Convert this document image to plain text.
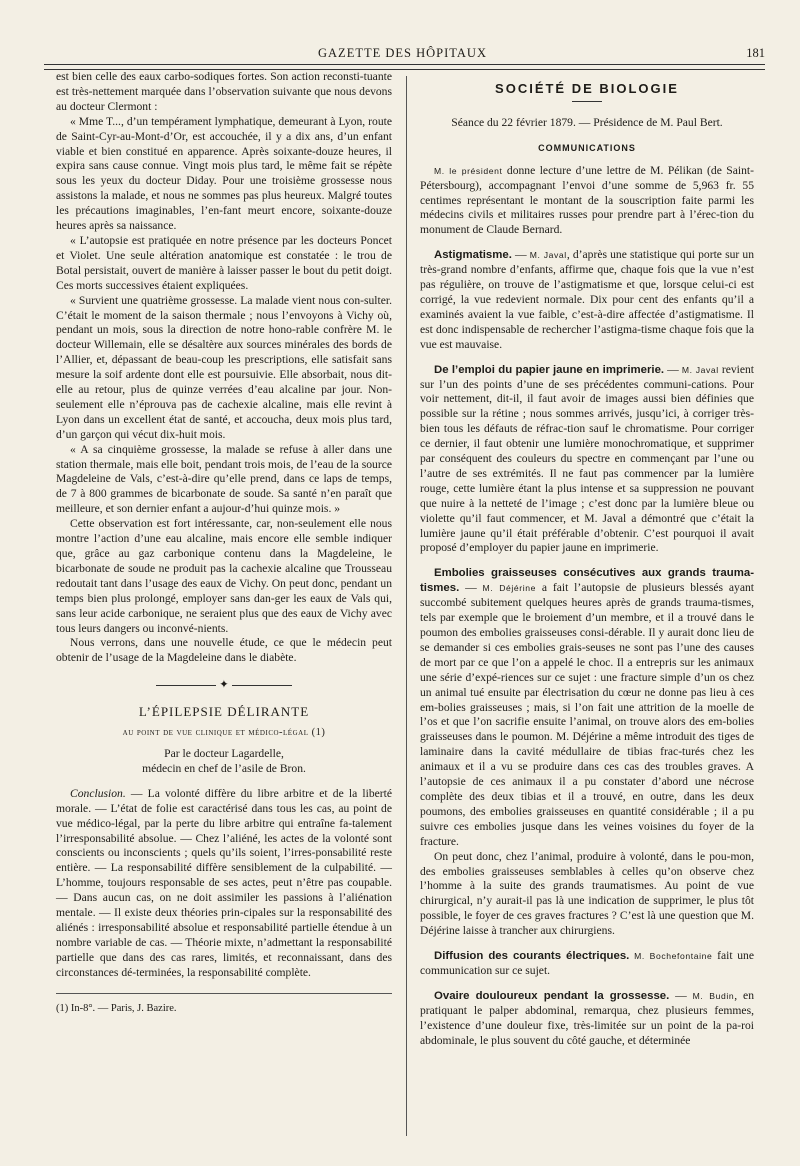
GAZETTE DES HÔPITAUX	181

est bien celle des eaux carbo-sodiques fortes. Son action reconsti-tuante est très-nettement marquée dans l’observation suivante que nous devons au docteur Clermont :

« Mme T..., d’un tempérament lymphatique, demeurant à Lyon, route de Saint-Cyr-au-Mont-d’Or, est accouchée, il y a dix ans, d’un enfant viable et bien constitué en apparence. Après soixante-douze heures, il expira sans cause connue. Vingt mois plus tard, le même fait se répète sous les yeux du docteur Diday. Pour une troisième grossesse nous assistons la malade, et nous ne sommes pas plus heureux. Malgré toutes les précautions imaginables, l’en-fant meurt encore, soixante-douze heures après sa naissance.

« L’autopsie est pratiquée en notre présence par les docteurs Poncet et Violet. Une seule altération anatomique est constatée : le trou de Botal persistait, ouvert de manière à laisser passer le bout du petit doigt. Ces morts successives étaient expliquées.

« Survient une quatrième grossesse. La malade vient nous con-sulter. C’était le moment de la saison thermale ; nous l’envoyons à Vichy où, pendant un mois, sous la direction de notre hono-rable confrère M. le docteur Willemain, elle se désaltère aux sources minérales des bords de l’Allier, et, dépassant de beau-coup les prescriptions, elle satisfait sans mesure la soif ardente dont elle est poursuivie. Elle absorbait, nous dit-elle au retour, plus de quinze verrées d’eau alcaline par jour. Non-seulement elle n’éprouva pas de cachexie alcaline, mais elle revint à Lyon dans un excellent état de santé, et accoucha, deux mois plus tard, d’un garçon qui vécut dix-huit mois.

« A sa cinquième grossesse, la malade se refuse à aller dans une station thermale, mais elle boit, pendant trois mois, de l’eau de la source Magdeleine de Vals, c’est-à-dire qu’elle prend, dans ce laps de temps, de 7 à 800 grammes de bicarbonate de soude. Sa santé n’en paraît que meilleure, et son dernier enfant a aujour-d’hui quinze mois. »

Cette observation est fort intéressante, car, non-seulement elle nous montre l’action d’une eau alcaline, mais encore elle semble indiquer que, grâce au gaz carbonique contenu dans la Magdeleine, le bicarbonate de soude ne produit pas la cachexie alcaline que Trousseau redoutait tant dans l’usage des eaux de Vichy. On peut donc, pendant un temps bien plus prolongé, employer sans dan-ger les eaux de Vals qui, sans leur acide carbonique, ne seraient plus que des eaux de Vichy avec tous leurs dangers ou inconvé-nients.

Nous verrons, dans une nouvelle étude, ce que le médecin peut obtenir de l’usage de la Magdeleine dans le diabète.

✦
L’ÉPILEPSIE DÉLIRANTE

au point de vue clinique et médico-légal (1)

Par le docteur Lagardelle,

médecin en chef de l’asile de Bron.

Conclusion. — La volonté diffère du libre arbitre et de la liberté morale. — L’état de folie est caractérisé dans tous les cas, au point de vue médico-légal, par la perte du libre arbitre qui entraîne fa-talement l’irresponsabilité absolue. — Chez l’aliéné, les actes de la volonté sont conscients ou inconscients ; quels qu’ils soient, l’irres-ponsabilité reste entière. — La responsabilité diffère sensiblement de la culpabilité. — L’homme, toujours responsable de ses actes, peut n’être pas coupable. — Dans aucun cas, on ne doit assimiler les passions à l’aliénation mentale. — Il existe deux théories prin-cipales sur la responsabilité des aliénés : irresponsabilité absolue et responsabilité partielle étendue à un nombre variable de cas. — Théorie mixte, n’admettant la responsabilité partielle que dans des cas rares, limités, et reconnaissant, dans des circonstances dé-terminées, la responsabilité complète.

(1) In-8°. — Paris, J. Bazire.

SOCIÉTÉ DE BIOLOGIE

Séance du 22 février 1879. — Présidence de M. Paul Bert.

COMMUNICATIONS

M. le président donne lecture d’une lettre de M. Pélikan (de Saint-Pétersbourg), accompagnant l’envoi d’une somme de 5,963 fr. 55 centimes représentant le montant de la souscription faite parmi les médecins civils et militaires russes pour prendre part à l’érec-tion du monument de Claude Bernard.

Astigmatisme. — M. Javal, d’après une statistique qui porte sur un très-grand nombre d’enfants, affirme que, chaque fois que la vue n’est pas régulière, on trouve de l’astigmatisme et que, lorsque celui-ci est corrigé, la vue redevient normale. Dix pour cent des enfants qu’il a examinés avaient la vue faible, c’est-à-dire affectée d’astigmatisme. Il est donc indispensable de rechercher l’astigma-tisme chaque fois que la vue est mauvaise.

De l’emploi du papier jaune en imprimerie. — M. Javal revient sur l’un des points d’une de ses précédentes communi-cations. Pour voir nettement, dit-il, il faut avoir de images aussi bien définies que possible sur la rétine ; nous sommes arrivés, jusqu’ici, à corriger très-bien tous les défauts de réfrac-tion sauf le chromatisme. Pour corriger ce dernier, il faut obtenir une lumière monochromatique, et supprimer par conséquent des couleurs du spectre en commençant par l’une ou l’autre de ses extrémités. Il ne faut pas commencer par la lumière rouge, cette lumière étant la plus intense et sa suppression ne pouvant que nuire à la netteté de l’image ; c’est donc par la lumière bleue ou violette qu’il faut commencer, et M. Javal a démontré que c’était la lumière jaune qu’il était préférable d’obtenir. C’est pourquoi il avait proposé d’employer du papier jaune en imprimerie.

Embolies graisseuses consécutives aux grands trauma-tismes. — M. Déjérine a fait l’autopsie de plusieurs blessés ayant succombé subitement quelques heures après de grands trauma-tismes, tels par exemple que le broiement d’un membre, et il a trouvé dans le poumon des embolies graisseuses consi-dérable. Il y aurait donc lieu de se demander si ces embolies grais-seuses ne sont pas l’une des causes de mort par ce que l’on a appelé le choc. Il a entrepris sur les animaux une série d’expé-riences sur ce sujet : une fracture simple d’un os chez un animal tué ensuite par électrisation du cœur ne donne pas lieu à ces em-bolies graisseuses ; mais, si l’on fait une attrition de la moelle de l’os et que l’on sacrifie ensuite l’animal, on trouve alors des em-bolies graisseuses dans le poumon. M. Déjérine a même introduit des tiges de laminaire dans la cavité médullaire de tibias frac-turés chez les animaux et il a vu se produire dans ces cas des troubles graves. A l’autopsie de ces animaux il a pu constater d’abord une nécrose complète des deux tibias et il a trouvé, en outre, dans les deux poumons, des embolies graisseuses en quantité considérable ; il a pu suivre ces embolies jusque dans les veines voisines du foyer de la fracture.

On peut donc, chez l’animal, produire à volonté, dans le pou-mon, des embolies graisseuses semblables à celles qu’on observe chez l’homme à la suite des grands traumatismes. Au point de vue chirurgical, n’y aurait-il pas là une indication de supprimer, le plus tôt possible, le foyer de ces graves fractures ? C’est là une question que M. Déjérine laisse à trancher aux chirurgiens.

Diffusion des courants électriques. M. Bochefontaine fait une communication sur ce sujet.

Ovaire douloureux pendant la grossesse. — M. Budin, en pratiquant le palper abdominal, remarqua, chez plusieurs femmes, l’existence d’une douleur fixe, très-limitée sur un point de la pa-roi abdominale, le plus souvent du côté gauche, et déterminée
